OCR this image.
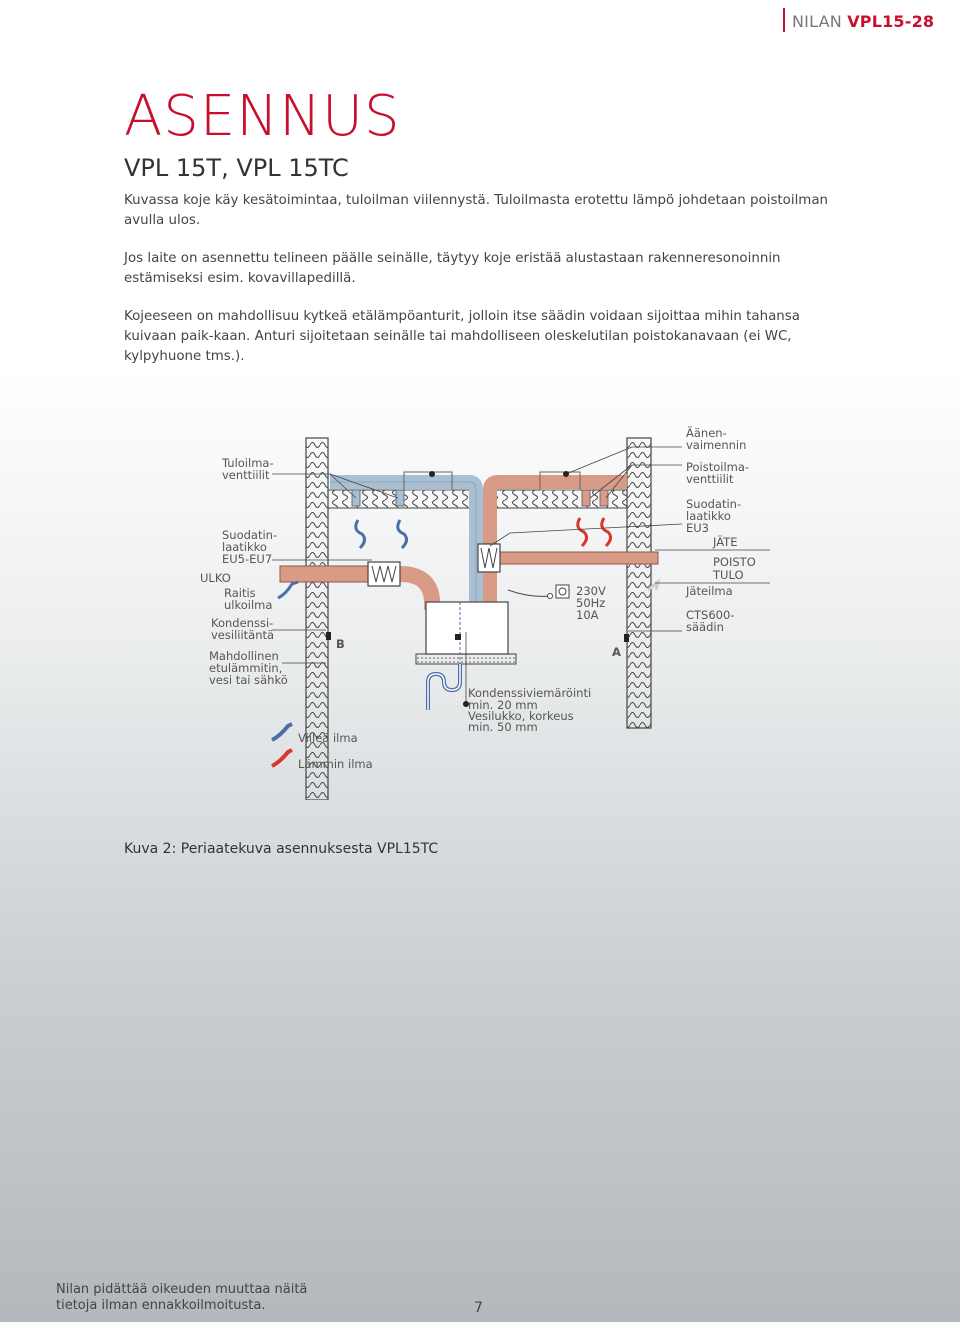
NILAN VPL15-28
ASENNUS
VPL 15T, VPL 15TC

Kuvassa koje käy kesätoimintaa, tuloilman viilennystä. Tuloilmasta erotettu lämpö johdetaan poistoilman avulla ulos.

Jos laite on asennettu telineen päälle seinälle, täytyy koje eristää alustastaan rakenneresonoinnin estämiseksi esim. kovavillapedillä.

Kojeeseen on mahdollisuu kytkeä etälämpöanturit, jolloin itse säädin voidaan sijoittaa mihin tahansa kuivaan paik-kaan. Anturi sijoitetaan seinälle tai mahdolliseen oleskelutilan poistokanavaan (ei WC, kylpyhuone tms.).

Tuloilma-
venttiilit
Suodatin-
laatikko
EU5-EU7
ULKO
Raitis
ulkoilma
Kondenssi-
vesiliitäntä
Mahdollinen
etulämmitin,
vesi tai sähkö
B
A
Äänen-
vaimennin
Poistoilma-
venttiilit
Suodatin-
laatikko
EU3
JÄTE
POISTO
TULO
Jäteilma
CTS600-
säädin
230V
50Hz
10A
Kondenssiviemäröinti
min. 20 mm
Vesilukko, korkeus
min. 50 mm
Viileä ilma
Lämmin ilma
Kuva 2: Periaatekuva asennuksesta VPL15TC
Nilan pidättää oikeuden muuttaa näitä
tietoja ilman ennakkoilmoitusta.	7
